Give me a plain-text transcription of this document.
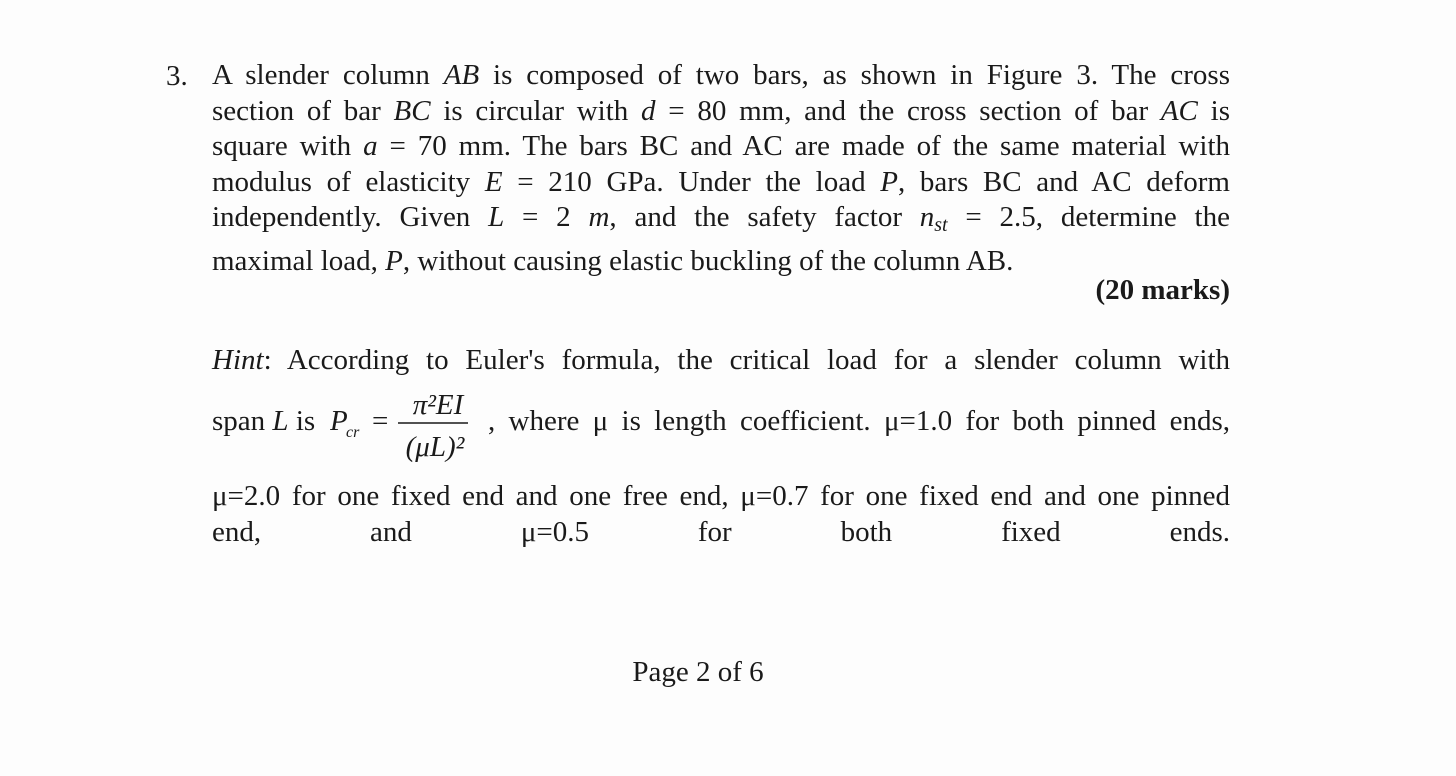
3. A slender column AB is composed of two bars, as shown in Figure 3. The cross
section of bar BC is circular with d = 80 mm, and the cross section of bar AC is
square with a = 70 mm. The bars BC and AC are made of the same material with
modulus of elasticity E = 210 GPa. Under the load P, bars BC and AC deform
independently. Given L = 2 m, and the safety factor $n_{st} = 2.5$, determine the
maximal load, P, without causing elastic buckling of the column AB.
(20 marks)
Hint: According to Euler's formula, the critical load for a slender column with
span L is P
cr = π²EI
(μL)²
, where μ is length coefficient. μ=1.0 for both pinned ends,
μ=2.0 for one fixed end and one free end, μ=0.7 for one fixed end and one pinned
end, and μ=0.5 for both fixed ends.
Page 2 of 6
